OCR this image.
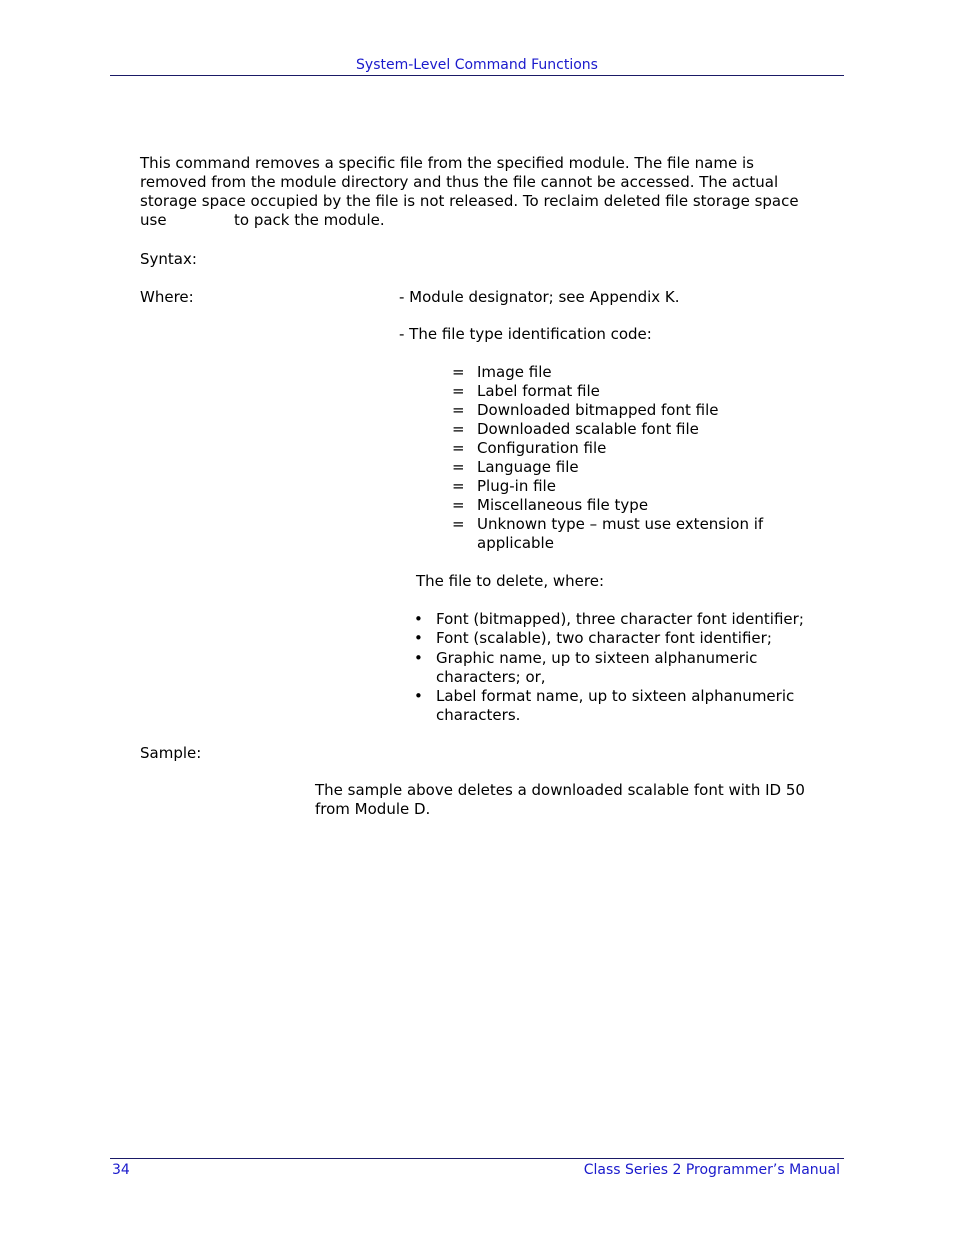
System-Level Command Functions
This command removes a specific file from the specified module. The file name is
removed from the module directory and thus the file cannot be accessed. The actual
storage space occupied by the file is not released. To reclaim deleted file storage space
use	to pack the module.
Syntax:
Where:	- Module designator; see Appendix K.
- The file type identification code:
= Image file
= Label format file
= Downloaded bitmapped font file
= Downloaded scalable font file
= Configuration file
= Language file
= Plug-in file
= Miscellaneous file type
= Unknown type – must use extension if
applicable
The file to delete, where:
• Font (bitmapped), three character font identifier;
• Font (scalable), two character font identifier;
• Graphic name, up to sixteen alphanumeric
characters; or,
• Label format name, up to sixteen alphanumeric
characters.
Sample:
The sample above deletes a downloaded scalable font with ID 50
from Module D.
34	Class Series 2 Programmer’s Manual
